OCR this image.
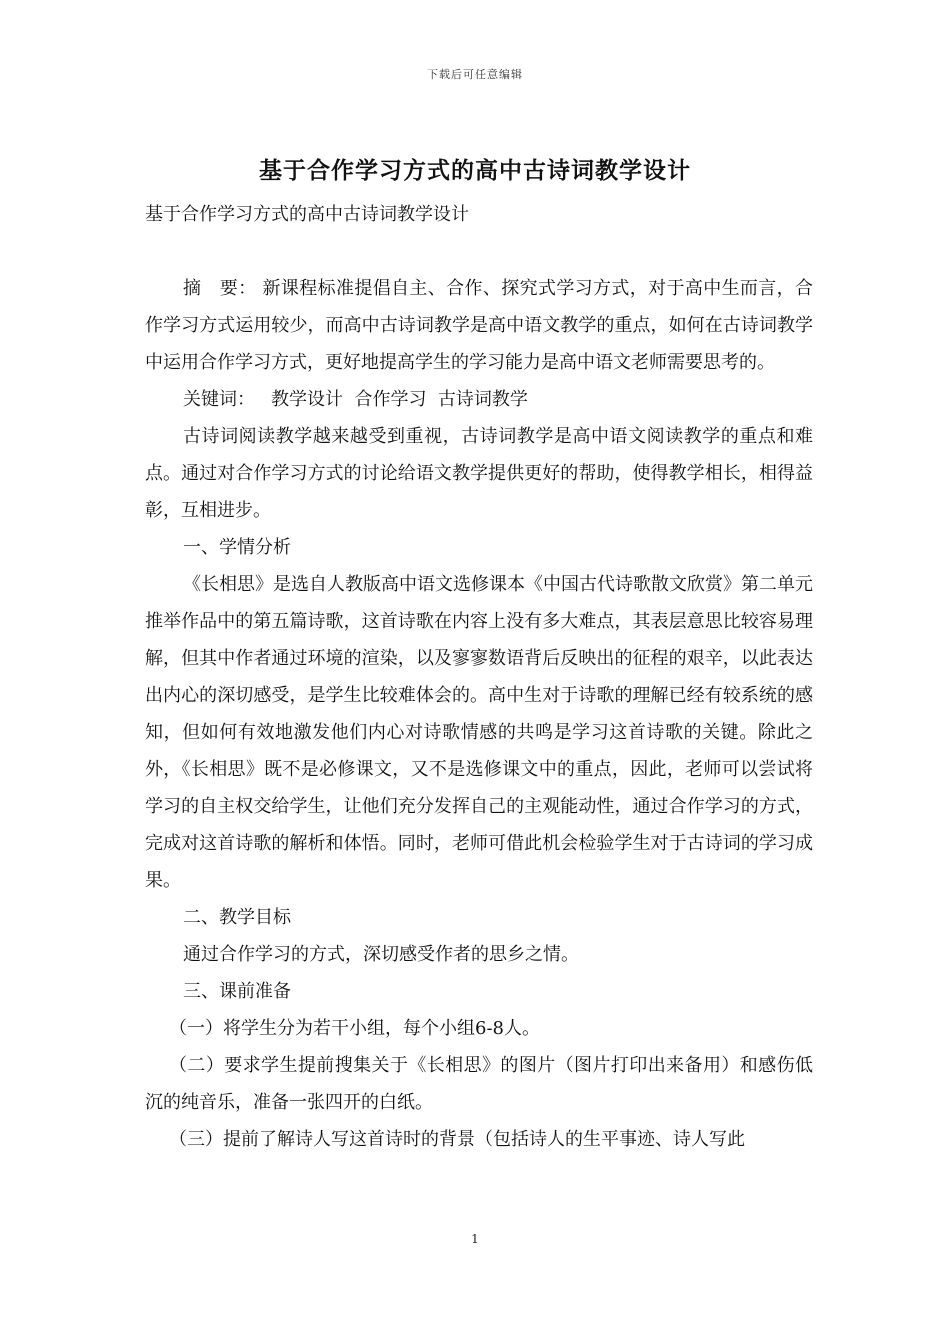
下载后可任意编辑
基于合作学习方式的高中古诗词教学设计

基于合作学习方式的高中古诗词教学设计

摘　要： 新课程标准提倡自主、合作、探究式学习方式，对于高中生而言，合作学习方式运用较少，而高中古诗词教学是高中语文教学的重点，如何在古诗词教学中运用合作学习方式，更好地提高学生的学习能力是高中语文老师需要思考的。

关键词： 教学设计  合作学习  古诗词教学

古诗词阅读教学越来越受到重视，古诗词教学是高中语文阅读教学的重点和难点。通过对合作学习方式的讨论给语文教学提供更好的帮助，使得教学相长，相得益彰，互相进步。

一、学情分析

《长相思》是选自人教版高中语文选修课本《中国古代诗歌散文欣赏》第二单元推举作品中的第五篇诗歌，这首诗歌在内容上没有多大难点，其表层意思比较容易理解，但其中作者通过环境的渲染，以及寥寥数语背后反映出的征程的艰辛，以此表达出内心的深切感受，是学生比较难体会的。高中生对于诗歌的理解已经有较系统的感知，但如何有效地激发他们内心对诗歌情感的共鸣是学习这首诗歌的关键。除此之外，《长相思》既不是必修课文，又不是选修课文中的重点，因此，老师可以尝试将学习的自主权交给学生，让他们充分发挥自己的主观能动性，通过合作学习的方式，完成对这首诗歌的解析和体悟。同时，老师可借此机会检验学生对于古诗词的学习成果。

二、教学目标

通过合作学习的方式，深切感受作者的思乡之情。

三、课前准备

（一）将学生分为若干小组，每个小组6-8人。

（二）要求学生提前搜集关于《长相思》的图片（图片打印出来备用）和感伤低沉的纯音乐，准备一张四开的白纸。

（三）提前了解诗人写这首诗时的背景（包括诗人的生平事迹、诗人写此

1
